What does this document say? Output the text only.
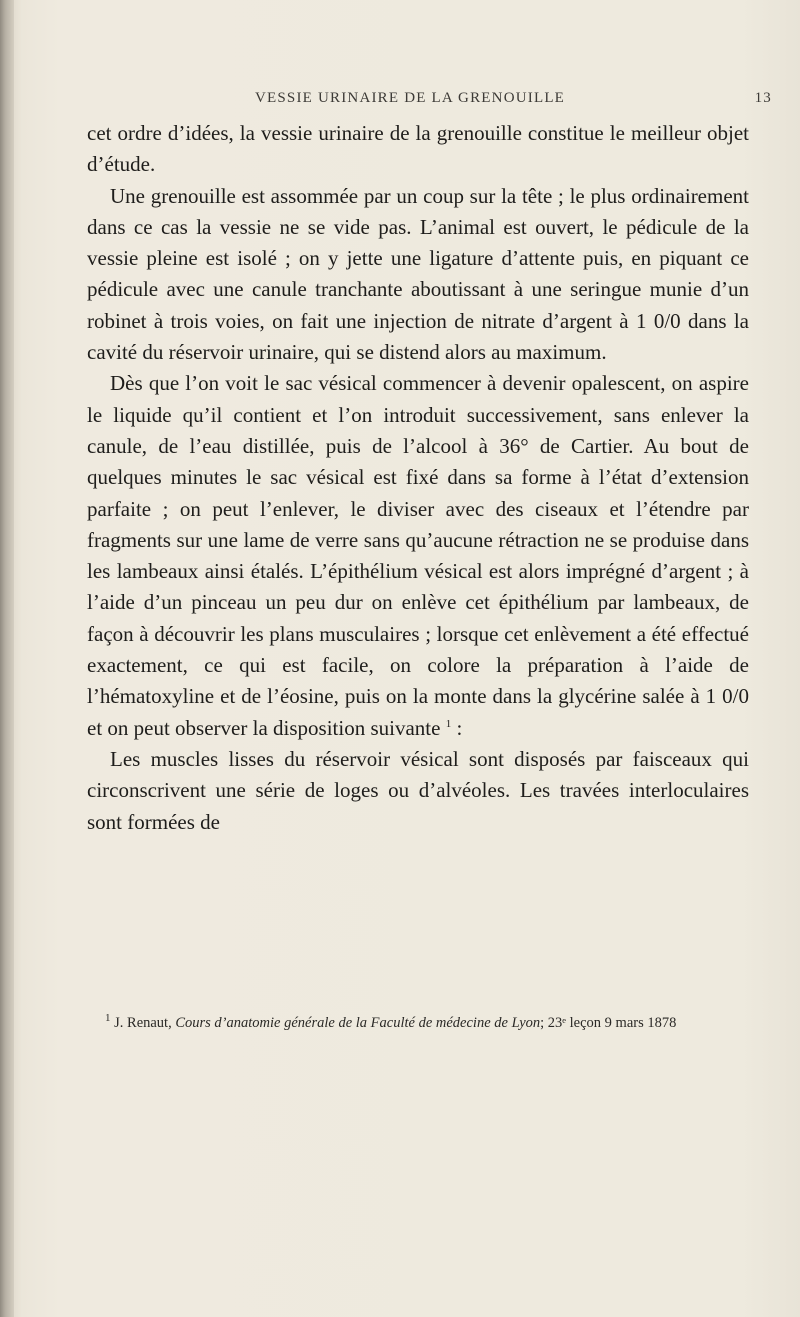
VESSIE URINAIRE DE LA GRENOUILLE	13

cet ordre d’idées, la vessie urinaire de la grenouille constitue le meilleur objet d’étude.

Une grenouille est assommée par un coup sur la tête ; le plus ordinairement dans ce cas la vessie ne se vide pas. L’animal est ouvert, le pédicule de la vessie pleine est isolé ; on y jette une ligature d’attente puis, en piquant ce pédicule avec une canule tranchante aboutissant à une seringue munie d’un robinet à trois voies, on fait une injection de nitrate d’argent à 1 0/0 dans la cavité du réservoir urinaire, qui se distend alors au maximum.

Dès que l’on voit le sac vésical commencer à devenir opalescent, on aspire le liquide qu’il contient et l’on introduit successivement, sans enlever la canule, de l’eau distillée, puis de l’alcool à 36° de Cartier. Au bout de quelques minutes le sac vésical est fixé dans sa forme à l’état d’extension parfaite ; on peut l’enlever, le diviser avec des ciseaux et l’étendre par fragments sur une lame de verre sans qu’aucune rétraction ne se produise dans les lambeaux ainsi étalés. L’épithélium vésical est alors imprégné d’argent ; à l’aide d’un pinceau un peu dur on enlève cet épithélium par lambeaux, de façon à découvrir les plans musculaires ; lorsque cet enlèvement a été effectué exactement, ce qui est facile, on colore la préparation à l’aide de l’hématoxyline et de l’éosine, puis on la monte dans la glycérine salée à 1 0/0 et on peut observer la disposition suivante $^1$ :

Les muscles lisses du réservoir vésical sont disposés par faisceaux qui circonscrivent une série de loges ou d’alvéoles. Les travées interloculaires sont formées de

$^1$ J. Renaut, Cours d’anatomie générale de la Faculté de médecine de Lyon; 23ᵉ leçon 9 mars 1878
